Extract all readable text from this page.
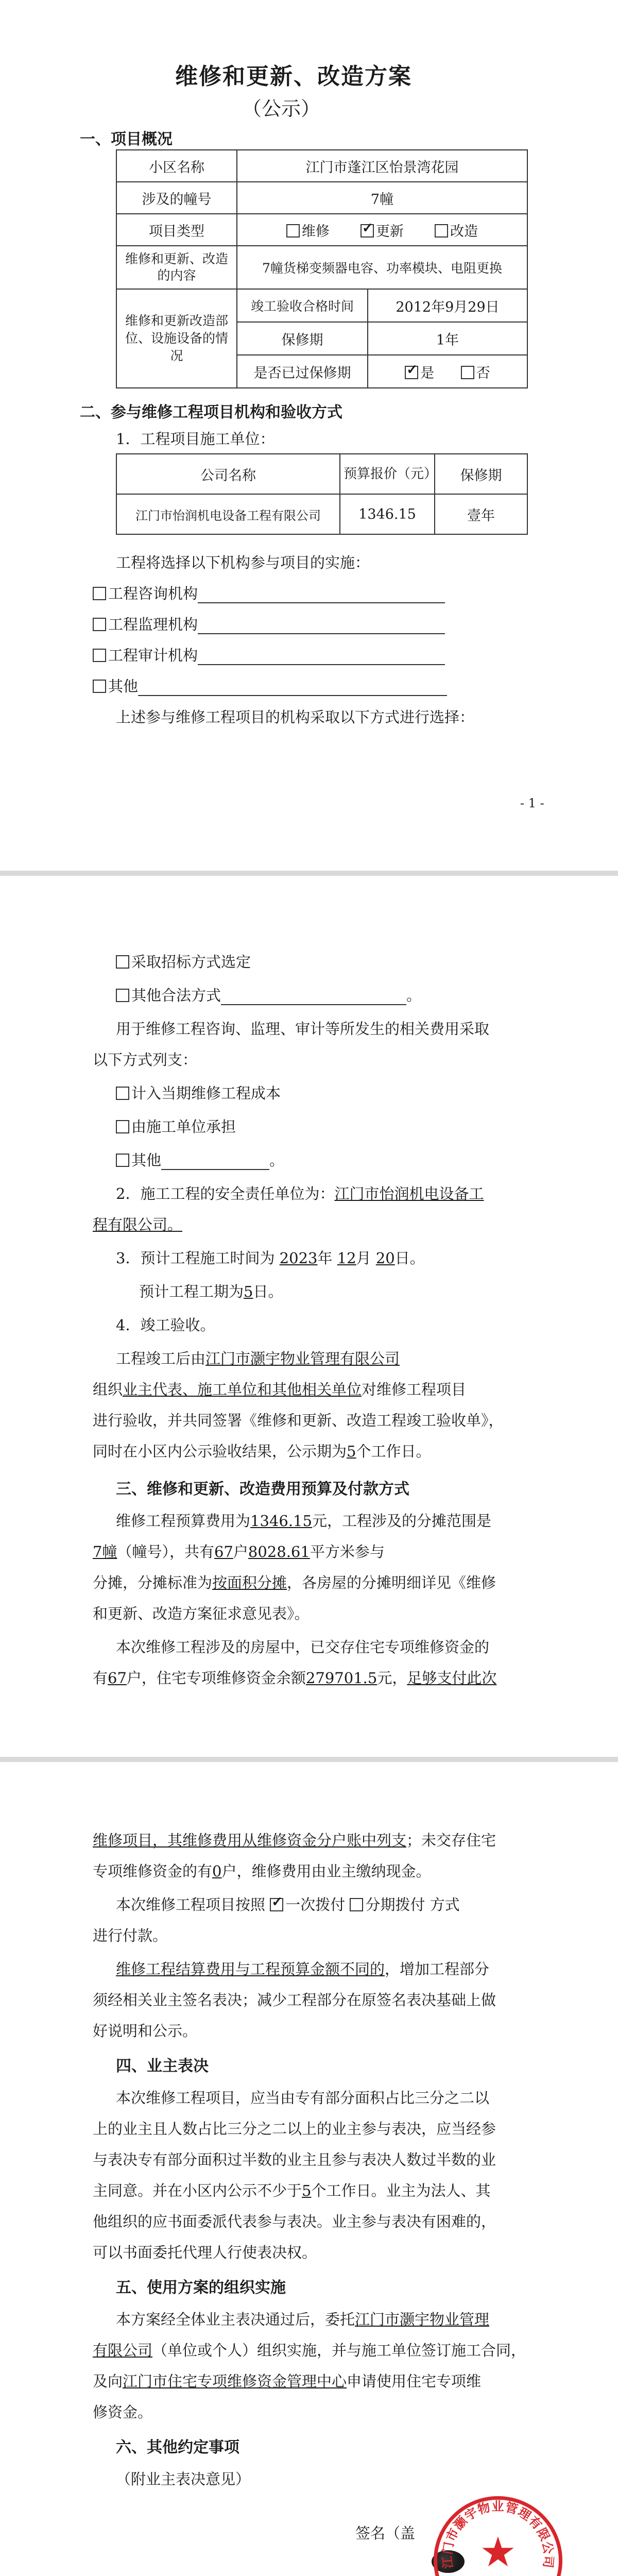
维修和更新、改造方案
（公示）
一、项目概况
小区名称	江门市蓬江区怡景湾花园	
涉及的幢号	7幢	
项目类型	维修 ✓ 更新 改造
维修和更新、改造的内容	7幢货梯变频器电容、功率模块、电阻更换	
维修和更新改造部位、设施设备的情况	竣工验收合格时间	2012年9月29日
	保修期	1年
	是否已过保修期	✓是 否
二、参与维修工程项目机构和验收方式
1．工程项目施工单位：
公司名称	预算报价（元）	保修期
江门市怡润机电设备工程有限公司	1346.15	壹年
工程将选择以下机构参与项目的实施：
工程咨询机构
工程监理机构
工程审计机构
其他
上述参与维修工程项目的机构采取以下方式进行选择：
- 1 -
采取招标方式选定
其他合法方式	。
用于维修工程咨询、监理、审计等所发生的相关费用采取
以下方式列支：
计入当期维修工程成本
由施工单位承担
其他	。
2．施工工程的安全责任单位为：江门市怡润机电设备工
程有限公司。
3．预计工程施工时间为 2023年 12月 20日。
预计工程工期为5日。
4．竣工验收。
工程竣工后由江门市灏宇物业管理有限公司
组织业主代表、施工单位和其他相关单位对维修工程项目
进行验收，并共同签署《维修和更新、改造工程竣工验收单》，
同时在小区内公示验收结果，公示期为5个工作日。
三、维修和更新、改造费用预算及付款方式
维修工程预算费用为1346.15元，工程涉及的分摊范围是
7幢（幢号），共有67户8028.61平方米参与
分摊，分摊标准为按面积分摊，各房屋的分摊明细详见《维修
和更新、改造方案征求意见表》。
本次维修工程涉及的房屋中，已交存住宅专项维修资金的
有67户，住宅专项维修资金余额279701.5元，足够支付此次
维修项目，其维修费用从维修资金分户账中列支；未交存住宅
专项维修资金的有0户，维修费用由业主缴纳现金。
本次维修工程项目按照 ✓ 一次拨付 分期拨付 方式
进行付款。
维修工程结算费用与工程预算金额不同的，增加工程部分
须经相关业主签名表决；减少工程部分在原签名表决基础上做
好说明和公示。
四、业主表决
本次维修工程项目，应当由专有部分面积占比三分之二以
上的业主且人数占比三分之二以上的业主参与表决，应当经参
与表决专有部分面积过半数的业主且参与表决人数过半数的业
主同意。并在小区内公示不少于5个工作日。业主为法人、其
他组织的应书面委派代表参与表决。业主参与表决有困难的，
可以书面委托代理人行使表决权。
五、使用方案的组织实施
本方案经全体业主表决通过后，委托江门市灏宇物业管理
有限公司（单位或个人）组织实施，并与施工单位签订施工合同，
及向江门市住宅专项维修资金管理中心申请使用住宅专项维
修资金。
六、其他约定事项
（附业主表决意见）
签名（盖
江门市灏宇物业管理有限公司
★
